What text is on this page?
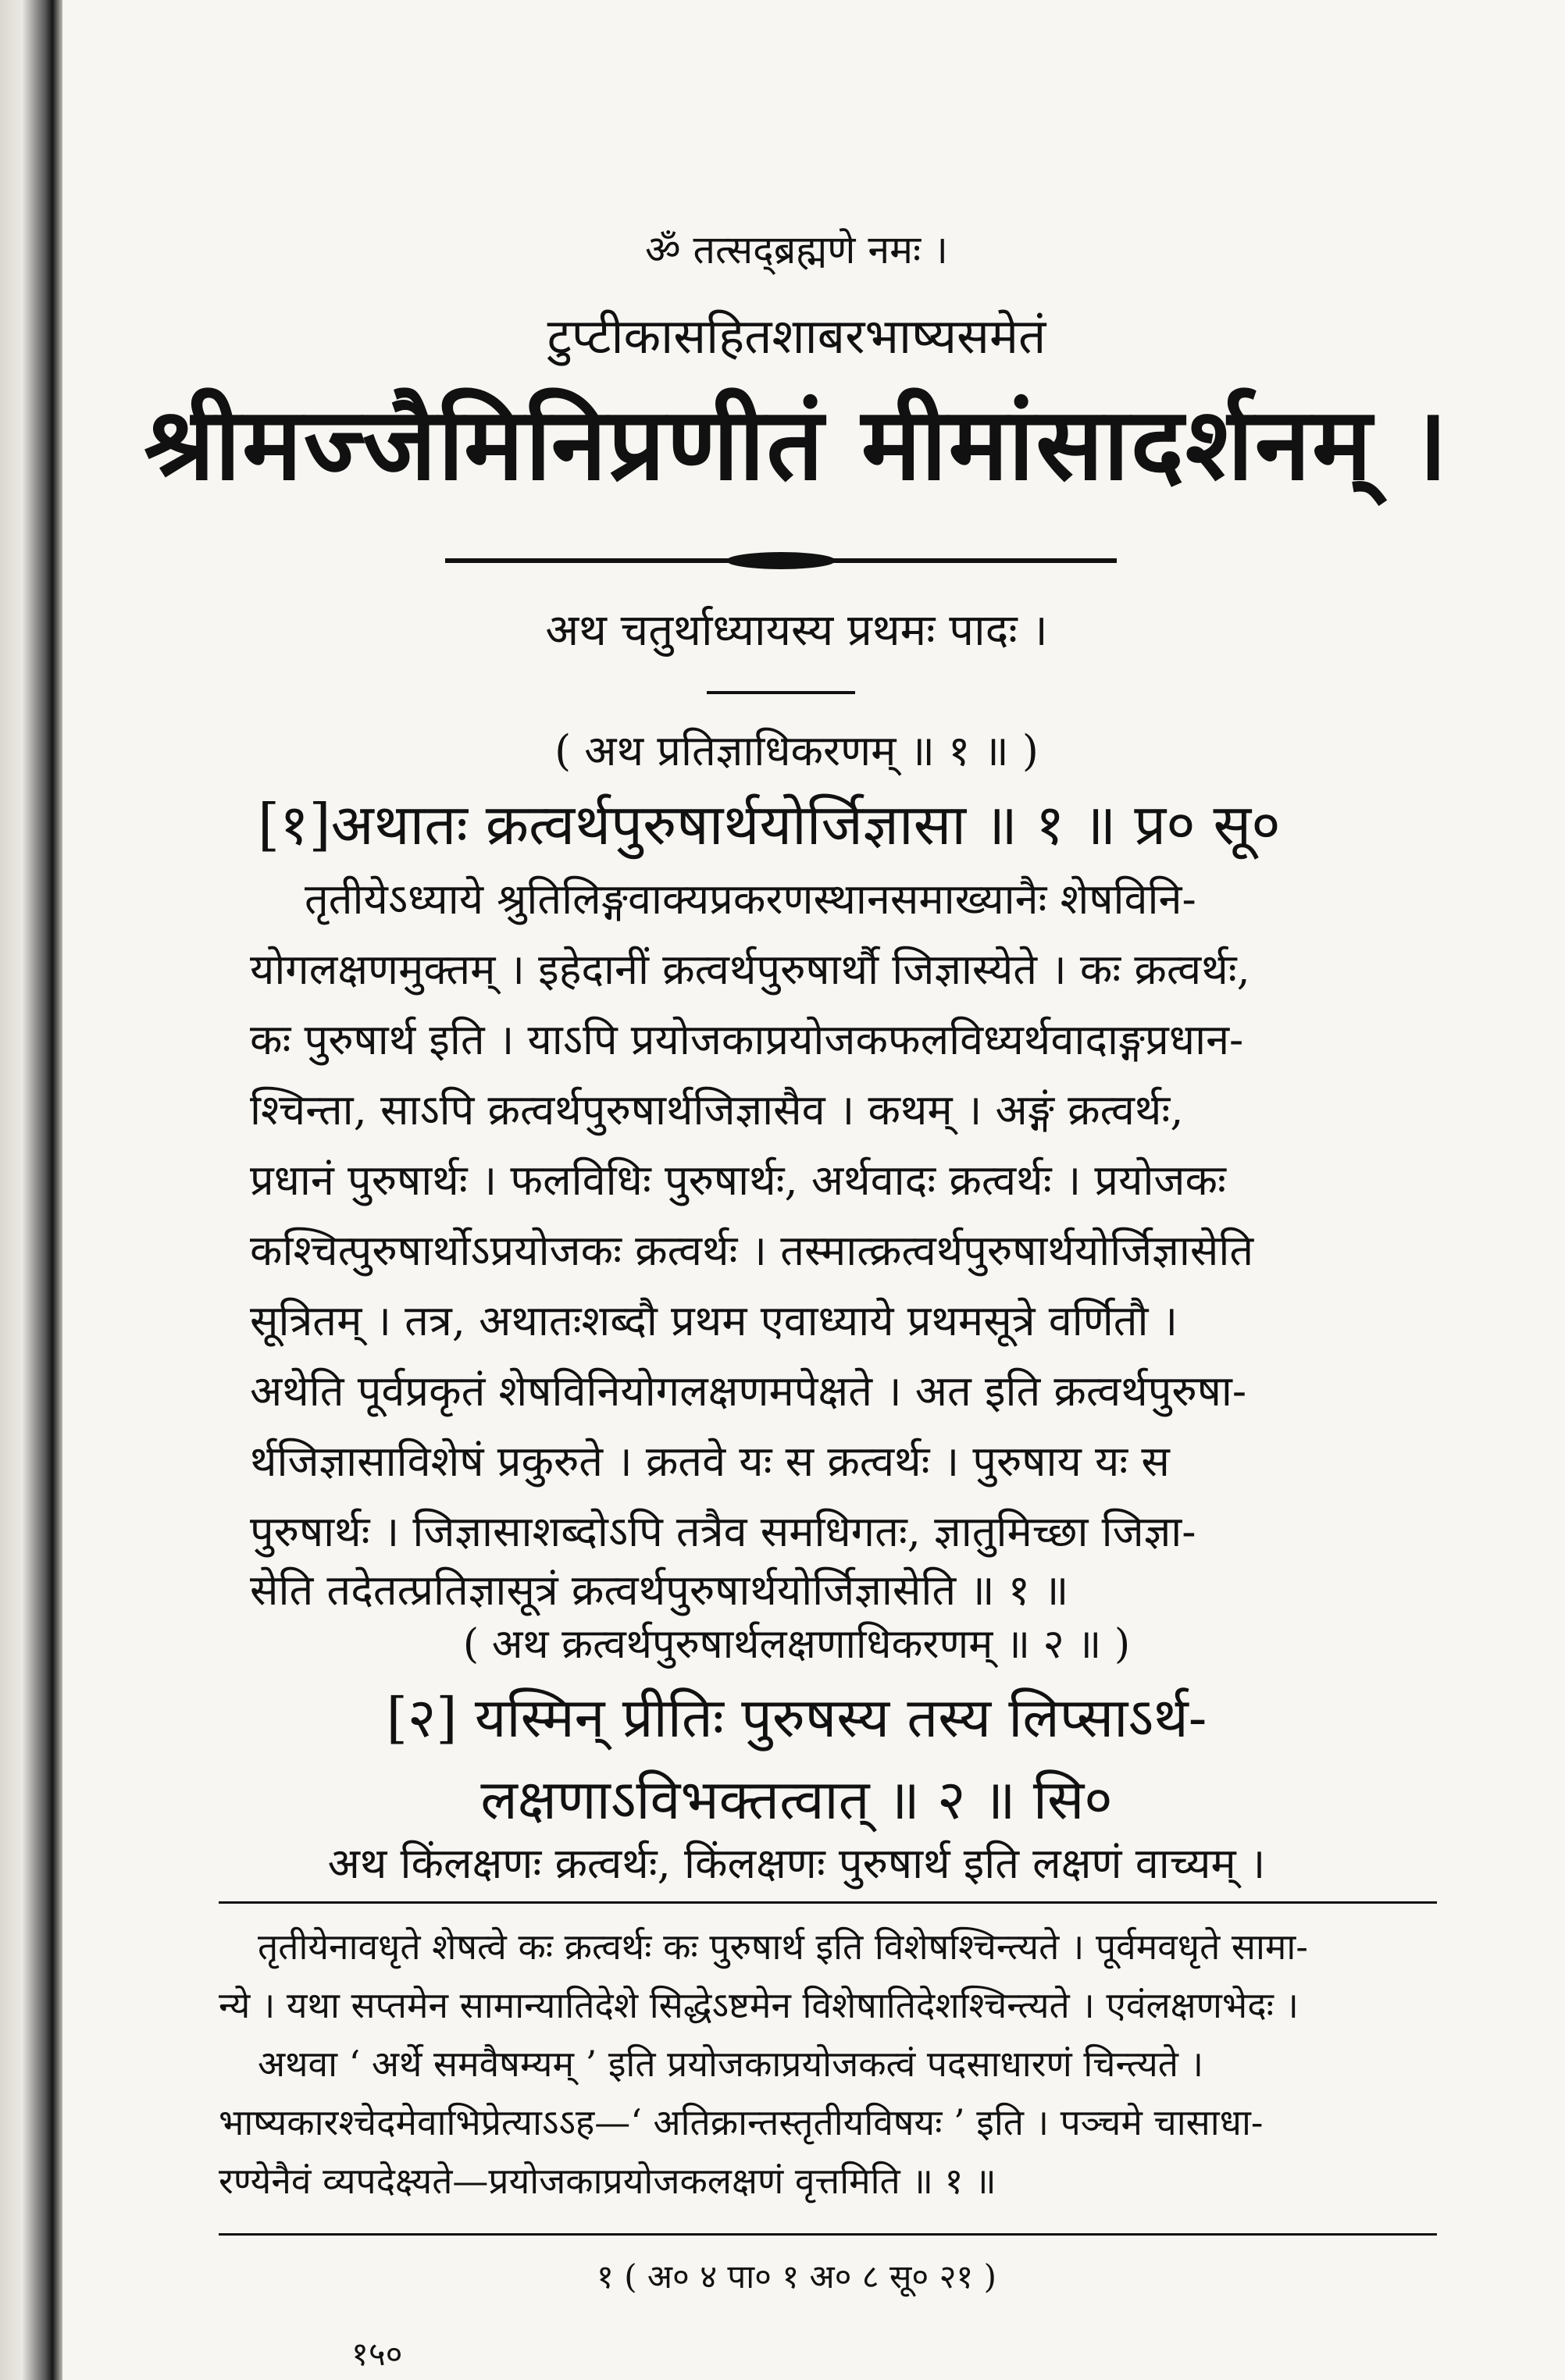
ॐ तत्सद्ब्रह्मणे नमः ।
टुप्टीकासहितशाबरभाष्यसमेतं
श्रीमज्जैमिनिप्रणीतं मीमांसादर्शनम् ।
अथ चतुर्थाध्यायस्य प्रथमः पादः ।
( अथ प्रतिज्ञाधिकरणम् ॥ १ ॥ )
[१]अथातः क्रत्वर्थपुरुषार्थयोर्जिज्ञासा ॥ १ ॥ प्र० सू०
तृतीयेऽध्याये श्रुतिलिङ्गवाक्यप्रकरणस्थानसमाख्यानैः शेषविनि-
योगलक्षणमुक्तम् । इहेदानीं क्रत्वर्थपुरुषार्थौ जिज्ञास्येते । कः क्रत्वर्थः,
कः पुरुषार्थ इति । याऽपि प्रयोजकाप्रयोजकफलविध्यर्थवादाङ्गप्रधान-
श्चिन्ता, साऽपि क्रत्वर्थपुरुषार्थजिज्ञासैव । कथम् । अङ्गं क्रत्वर्थः,
प्रधानं पुरुषार्थः । फलविधिः पुरुषार्थः, अर्थवादः क्रत्वर्थः । प्रयोजकः
कश्चित्पुरुषार्थोऽप्रयोजकः क्रत्वर्थः । तस्मात्क्रत्वर्थपुरुषार्थयोर्जिज्ञासेति
सूत्रितम् । तत्र, अथातःशब्दौ प्रथम एवाध्याये प्रथमसूत्रे वर्णितौ ।
अथेति पूर्वप्रकृतं शेषविनियोगलक्षणमपेक्षते । अत इति क्रत्वर्थपुरुषा-
र्थजिज्ञासाविशेषं प्रकुरुते । क्रतवे यः स क्रत्वर्थः । पुरुषाय यः स
पुरुषार्थः । जिज्ञासाशब्दोऽपि तत्रैव समधिगतः, ज्ञातुमिच्छा जिज्ञा-
सेति तदेतत्प्रतिज्ञासूत्रं क्रत्वर्थपुरुषार्थयोर्जिज्ञासेति ॥ १ ॥
( अथ क्रत्वर्थपुरुषार्थलक्षणाधिकरणम् ॥ २ ॥ )
[२] यस्मिन् प्रीतिः पुरुषस्य तस्य लिप्साऽर्थ-
लक्षणाऽविभक्तत्वात् ॥ २ ॥ सि०
अथ किंलक्षणः क्रत्वर्थः, किंलक्षणः पुरुषार्थ इति लक्षणं वाच्यम् ।
तृतीयेनावधृते शेषत्वे कः क्रत्वर्थः कः पुरुषार्थ इति विशेषश्चिन्त्यते । पूर्वमवधृते सामा-
न्ये । यथा सप्तमेन सामान्यातिदेशे सिद्धेऽष्टमेन विशेषातिदेशश्चिन्त्यते । एवंलक्षणभेदः ।
अथवा ‘ अर्थे समवैषम्यम् ’ इति प्रयोजकाप्रयोजकत्वं पदसाधारणं चिन्त्यते ।
भाष्यकारश्चेदमेवाभिप्रेत्याऽऽह—‘ अतिक्रान्तस्तृतीयविषयः ’ इति । पञ्चमे चासाधा-
रण्येनैवं व्यपदेक्ष्यते—प्रयोजकाप्रयोजकलक्षणं वृत्तमिति ॥ १ ॥
१ ( अ० ४ पा० १ अ० ८ सू० २१ )
१५०
